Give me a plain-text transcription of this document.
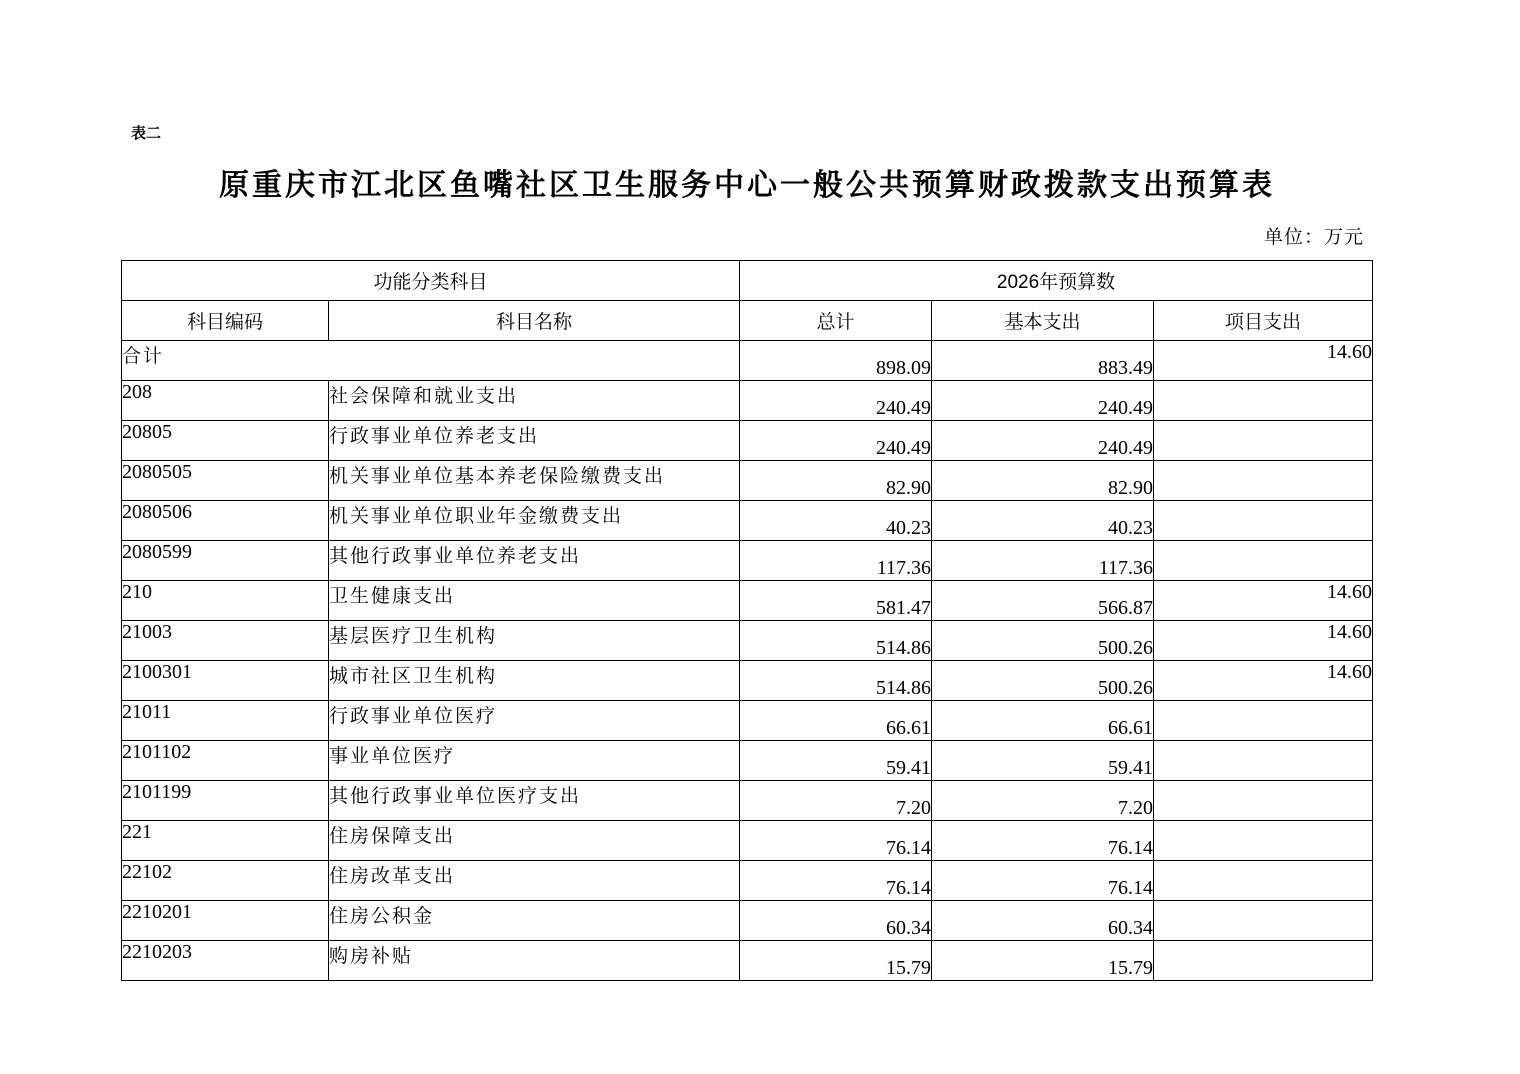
表二
原重庆市江北区鱼嘴社区卫生服务中心一般公共预算财政拨款支出预算表
单位：万元
功能分类科目		2026年预算数		
科目编码	科目名称	总计	基本支出	项目支出
合计		898.09	883.49	14.60
208	社会保障和就业支出	240.49	240.49	
20805	行政事业单位养老支出	240.49	240.49	
2080505	机关事业单位基本养老保险缴费支出	82.90	82.90	
2080506	机关事业单位职业年金缴费支出	40.23	40.23	
2080599	其他行政事业单位养老支出	117.36	117.36	
210	卫生健康支出	581.47	566.87	14.60
21003	基层医疗卫生机构	514.86	500.26	14.60
2100301	城市社区卫生机构	514.86	500.26	14.60
21011	行政事业单位医疗	66.61	66.61	
2101102	事业单位医疗	59.41	59.41	
2101199	其他行政事业单位医疗支出	7.20	7.20	
221	住房保障支出	76.14	76.14	
22102	住房改革支出	76.14	76.14	
2210201	住房公积金	60.34	60.34	
2210203	购房补贴	15.79	15.79	
